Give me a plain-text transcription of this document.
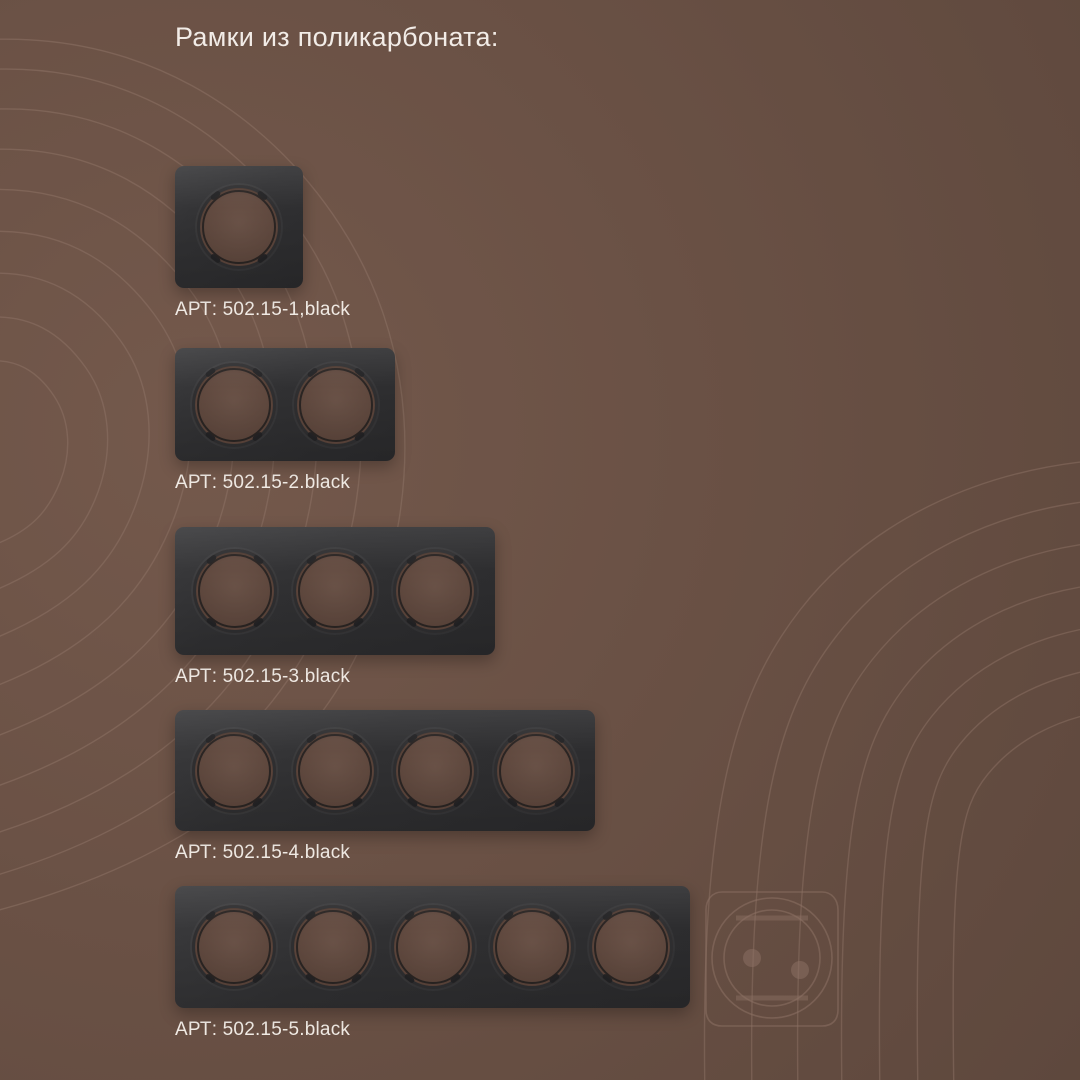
Рамки из поликарбоната:
АРТ: 502.15-1,black
АРТ: 502.15-2.black
АРТ: 502.15-3.black
АРТ: 502.15-4.black
АРТ: 502.15-5.black
